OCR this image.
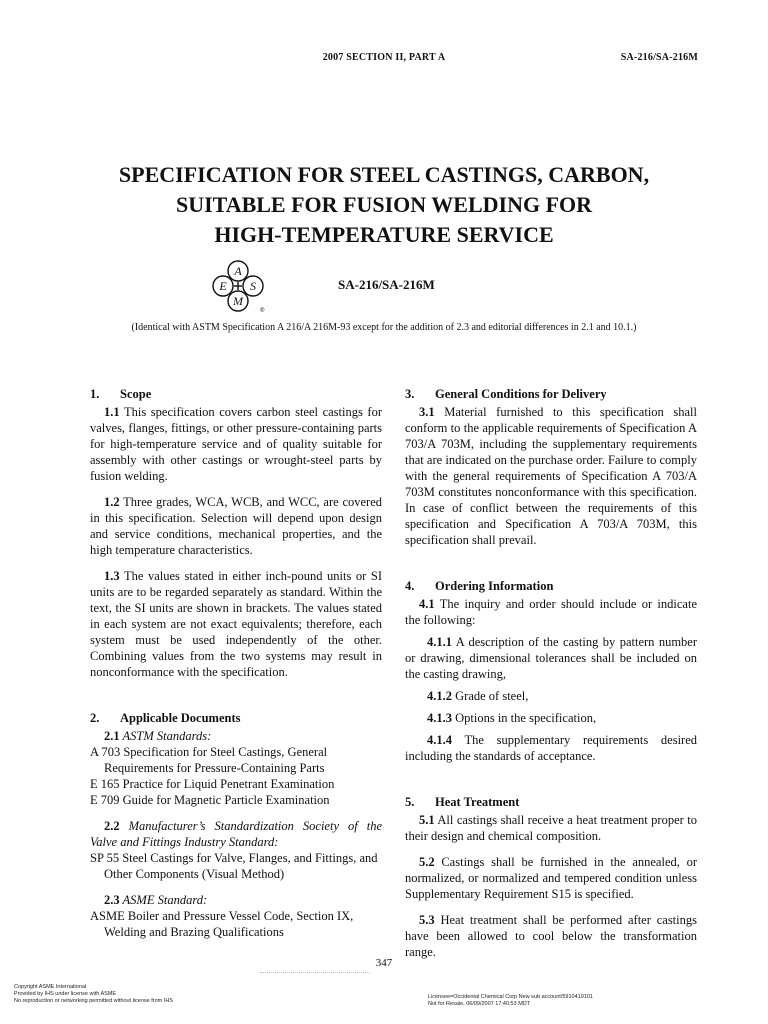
2007 SECTION II, PART A	SA-216/SA-216M
SPECIFICATION FOR STEEL CASTINGS, CARBON,
SUITABLE FOR FUSION WELDING FOR
HIGH-TEMPERATURE SERVICE
A
S
M
E
®
SA-216/SA-216M
(Identical with ASTM Specification A 216/A 216M-93 except for the addition of 2.3 and editorial differences in 2.1 and 10.1.)
1. Scope

1.1 This specification covers carbon steel castings for valves, flanges, fittings, or other pressure-containing parts for high-temperature service and of quality suitable for assembly with other castings or wrought-steel parts by fusion welding.

1.2 Three grades, WCA, WCB, and WCC, are covered in this specification. Selection will depend upon design and service conditions, mechanical properties, and the high temperature characteristics.

1.3 The values stated in either inch-pound units or SI units are to be regarded separately as standard. Within the text, the SI units are shown in brackets. The values stated in each system are not exact equivalents; therefore, each system must be used independently of the other. Combining values from the two systems may result in nonconformance with the specification.

2. Applicable Documents

2.1 ASTM Standards:

A 703 Specification for Steel Castings, General Requirements for Pressure-Containing Parts

E 165 Practice for Liquid Penetrant Examination

E 709 Guide for Magnetic Particle Examination

2.2 Manufacturer’s Standardization Society of the Valve and Fittings Industry Standard:

SP 55 Steel Castings for Valve, Flanges, and Fittings, and Other Components (Visual Method)

2.3 ASME Standard:

ASME Boiler and Pressure Vessel Code, Section IX, Welding and Brazing Qualifications

3. General Conditions for Delivery

3.1 Material furnished to this specification shall conform to the applicable requirements of Specification A 703/A 703M, including the supplementary requirements that are indicated on the purchase order. Failure to comply with the general requirements of Specification A 703/A 703M constitutes nonconformance with this specification. In case of conflict between the requirements of this specification and Specification A 703/A 703M, this specification shall prevail.

4. Ordering Information

4.1 The inquiry and order should include or indicate the following:

4.1.1 A description of the casting by pattern number or drawing, dimensional tolerances shall be included on the casting drawing,

4.1.2 Grade of steel,

4.1.3 Options in the specification,

4.1.4 The supplementary requirements desired including the standards of acceptance.

5. Heat Treatment

5.1 All castings shall receive a heat treatment proper to their design and chemical composition.

5.2 Castings shall be furnished in the annealed, or normalized, or normalized and tempered condition unless Supplementary Requirement S15 is specified.

5.3 Heat treatment shall be performed after castings have been allowed to cool below the transformation range.

347
Copyright ASME International
Provided by IHS under license with ASME
No reproduction or networking permitted without license from IHS
Licensee=Occidental Chemical Corp New sub account/5910419101
Not for Resale, 06/09/2007 17:40:53 MDT
